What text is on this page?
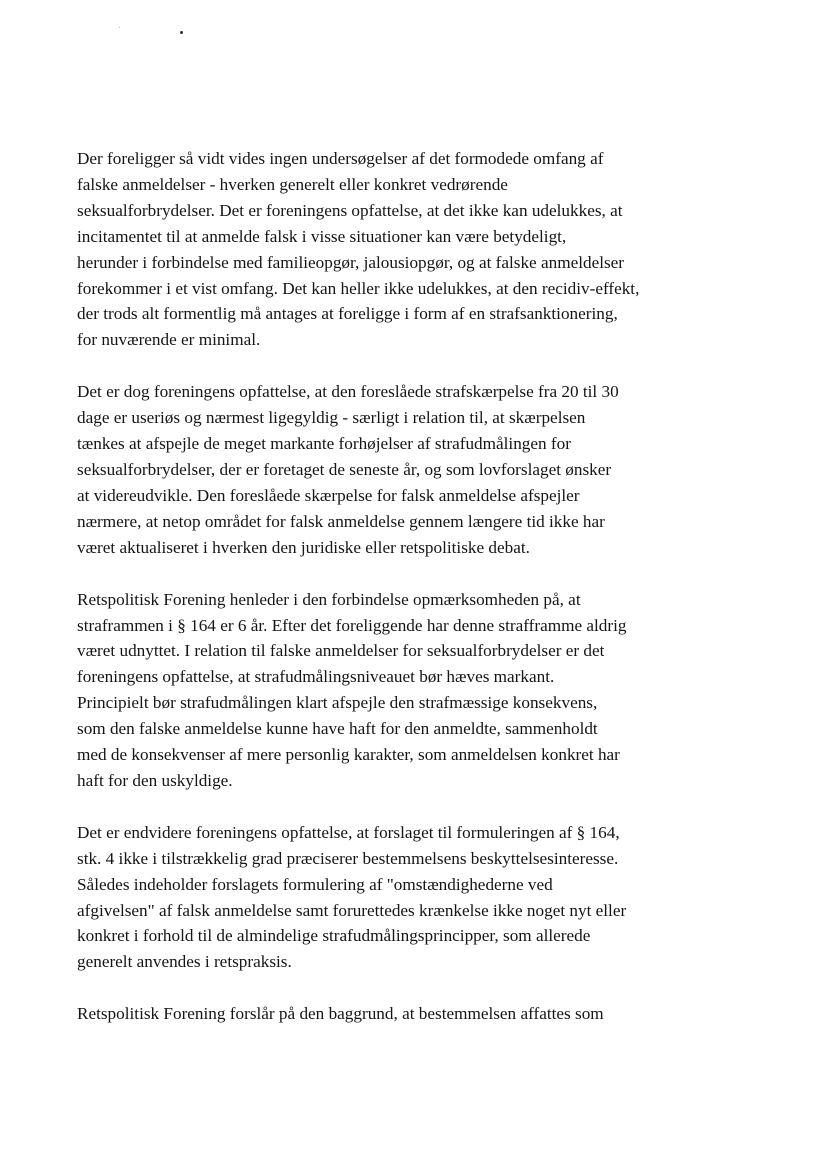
Der foreligger så vidt vides ingen undersøgelser af det formodede omfang af
falske anmeldelser - hverken generelt eller konkret vedrørende
seksualforbrydelser. Det er foreningens opfattelse, at det ikke kan udelukkes, at
incitamentet til at anmelde falsk i visse situationer kan være betydeligt,
herunder i forbindelse med familieopgør, jalousiopgør, og at falske anmeldelser
forekommer i et vist omfang. Det kan heller ikke udelukkes, at den recidiv-effekt,
der trods alt formentlig må antages at foreligge i form af en strafsanktionering,
for nuværende er minimal.

Det er dog foreningens opfattelse, at den foreslåede strafskærpelse fra 20 til 30
dage er useriøs og nærmest ligegyldig - særligt i relation til, at skærpelsen
tænkes at afspejle de meget markante forhøjelser af strafudmålingen for
seksualforbrydelser, der er foretaget de seneste år, og som lovforslaget ønsker
at videreudvikle. Den foreslåede skærpelse for falsk anmeldelse afspejler
nærmere, at netop området for falsk anmeldelse gennem længere tid ikke har
været aktualiseret i hverken den juridiske eller retspolitiske debat.

Retspolitisk Forening henleder i den forbindelse opmærksomheden på, at
straframmen i § 164 er 6 år. Efter det foreliggende har denne strafframme aldrig
været udnyttet. I relation til falske anmeldelser for seksualforbrydelser er det
foreningens opfattelse, at strafudmålingsniveauet bør hæves markant.
Principielt bør strafudmålingen klart afspejle den strafmæssige konsekvens,
som den falske anmeldelse kunne have haft for den anmeldte, sammenholdt
med de konsekvenser af mere personlig karakter, som anmeldelsen konkret har
haft for den uskyldige.

Det er endvidere foreningens opfattelse, at forslaget til formuleringen af § 164,
stk. 4 ikke i tilstrækkelig grad præciserer bestemmelsens beskyttelsesinteresse.
Således indeholder forslagets formulering af "omstændighederne ved
afgivelsen" af falsk anmeldelse samt forurettedes krænkelse ikke noget nyt eller
konkret i forhold til de almindelige strafudmålingsprincipper, som allerede
generelt anvendes i retspraksis.

Retspolitisk Forening forslår på den baggrund, at bestemmelsen affattes som
